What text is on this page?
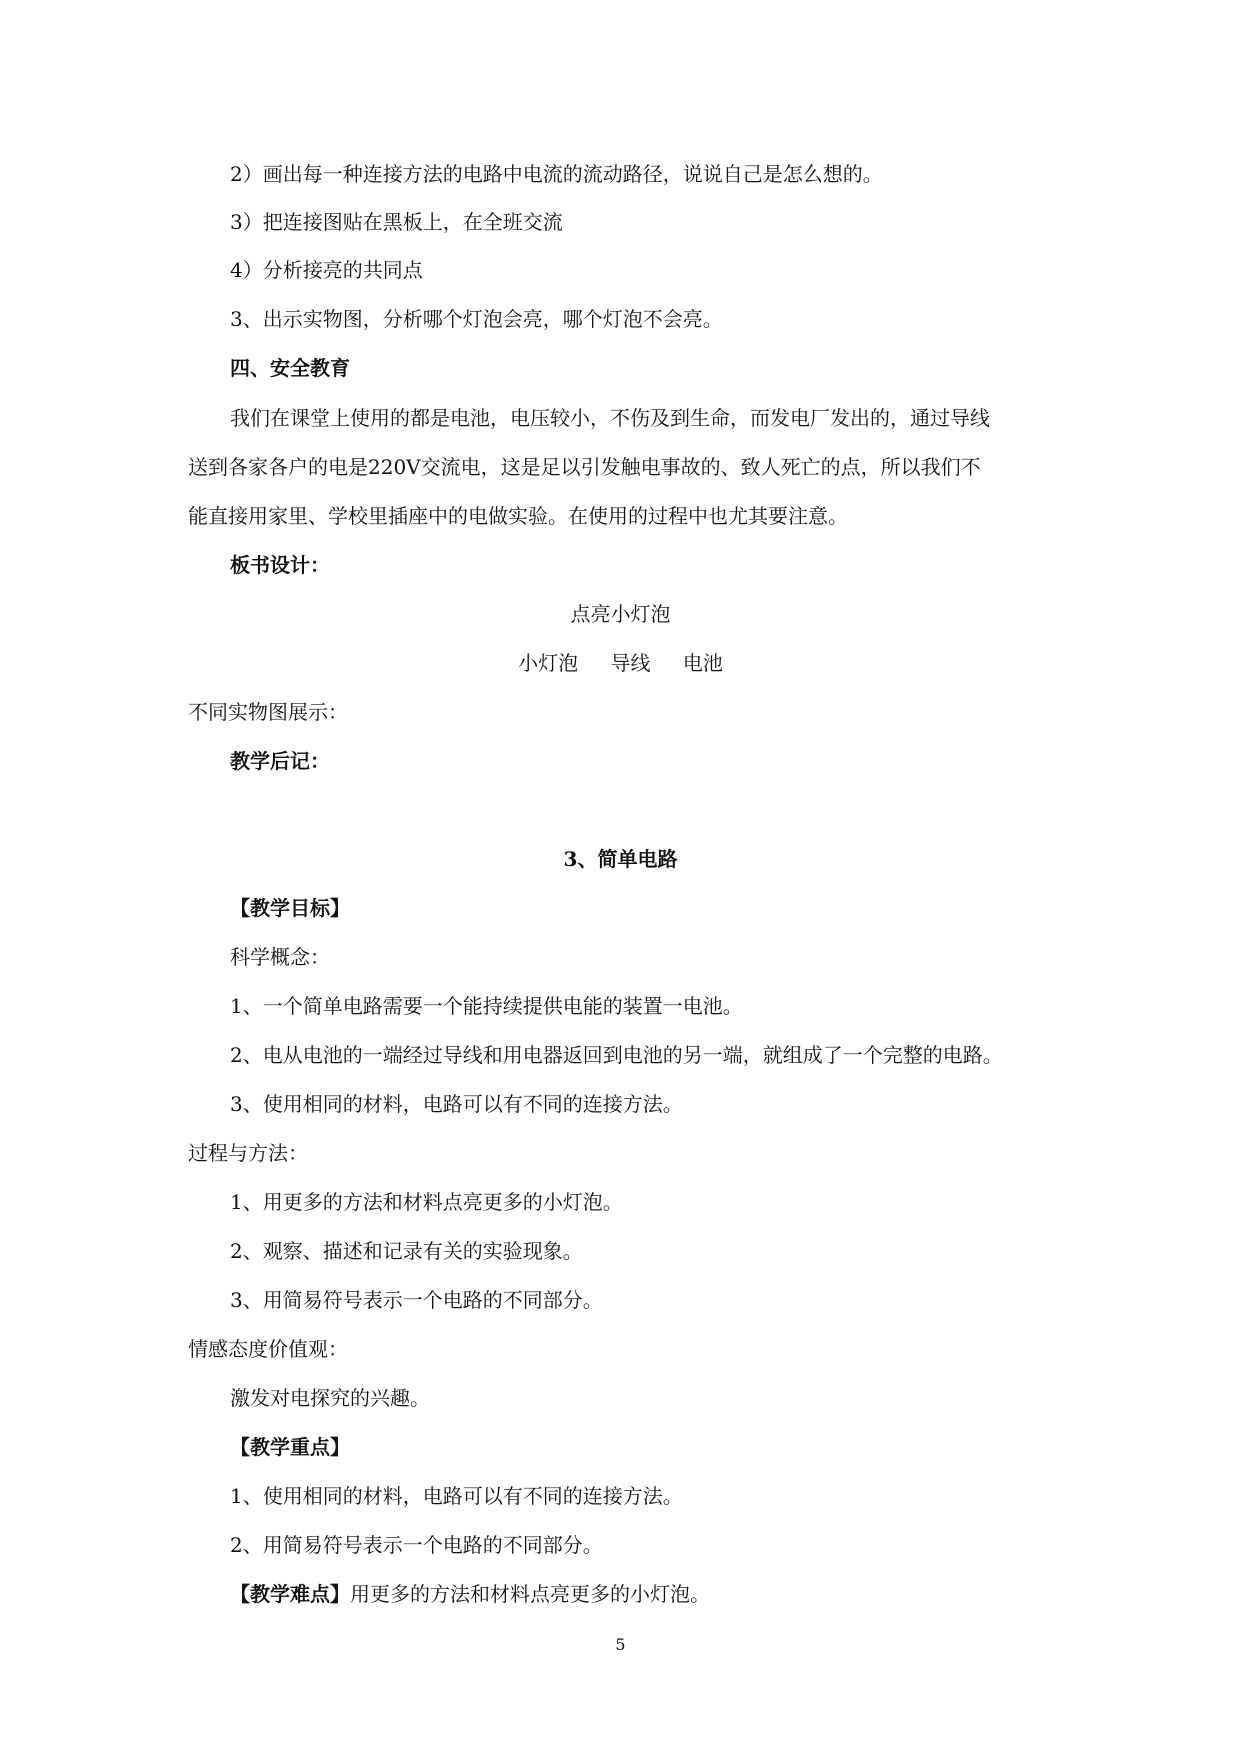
2）画出每一种连接方法的电路中电流的流动路径，说说自己是怎么想的。
3）把连接图贴在黑板上，在全班交流
4）分析接亮的共同点
3、出示实物图，分析哪个灯泡会亮，哪个灯泡不会亮。
四、安全教育
我们在课堂上使用的都是电池，电压较小，不伤及到生命，而发电厂发出的，通过导线
送到各家各户的电是220V交流电，这是足以引发触电事故的、致人死亡的点，所以我们不
能直接用家里、学校里插座中的电做实验。在使用的过程中也尤其要注意。
板书设计：
点亮小灯泡
小灯泡 导线 电池
不同实物图展示：
教学后记：
3、简单电路
【教学目标】
科学概念：
1、一个简单电路需要一个能持续提供电能的装置一电池。
2、电从电池的一端经过导线和用电器返回到电池的另一端，就组成了一个完整的电路。
3、使用相同的材料，电路可以有不同的连接方法。
过程与方法：
1、用更多的方法和材料点亮更多的小灯泡。
2、观察、描述和记录有关的实验现象。
3、用简易符号表示一个电路的不同部分。
情感态度价值观：
激发对电探究的兴趣。
【教学重点】
1、使用相同的材料，电路可以有不同的连接方法。
2、用简易符号表示一个电路的不同部分。
【教学难点】用更多的方法和材料点亮更多的小灯泡。
5
